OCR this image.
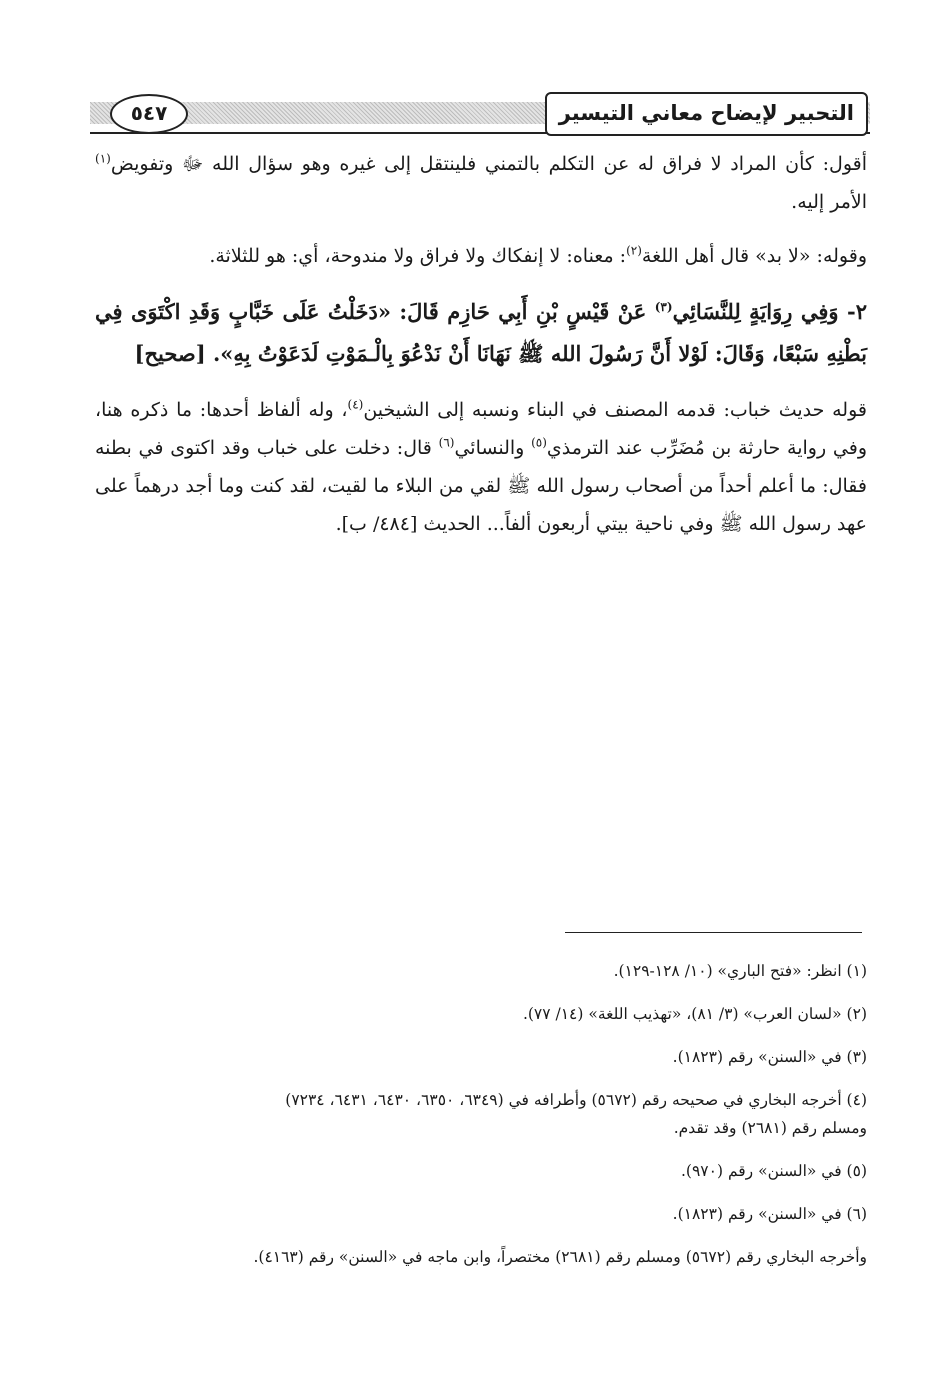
التحبير لإيضاح معاني التيسير
٥٤٧

أقول: كأن المراد لا فراق له عن التكلم بالتمني فلينتقل إلى غيره وهو سؤال الله ﷻ وتفويض$^{(١)}$ الأمر إليه.

وقوله: «لا بد» قال أهل اللغة$^{(٢)}$: معناه: لا إنفكاك ولا فراق ولا مندوحة، أي: هو للثلاثة.

٢- وَفِي رِوَايَةٍ لِلنَّسَائِي$^{(٣)}$ عَنْ قَيْسٍ بْنِ أَبِي حَازِم قَالَ: «دَخَلْتُ عَلَى خَبَّابٍ وَقَدِ اكْتَوَى فِي بَطْنِهِ سَبْعًا، وَقَالَ: لَوْلا أَنَّ رَسُولَ الله ﷺ نَهَانَا أَنْ نَدْعُوَ بِالْـمَوْتِ لَدَعَوْتُ بِهِ». [صحيح]

قوله حديث خباب: قدمه المصنف في البناء ونسبه إلى الشيخين$^{(٤)}$، وله ألفاظ أحدها: ما ذكره هنا، وفي رواية حارثة بن مُضَرِّب عند الترمذي$^{(٥)}$ والنسائي$^{(٦)}$ قال: دخلت على خباب وقد اكتوى في بطنه فقال: ما أعلم أحداً من أصحاب رسول الله ﷺ لقي من البلاء ما لقيت، لقد كنت وما أجد درهماً على عهد رسول الله ﷺ وفي ناحية بيتي أربعون ألفاً... الحديث [٤٨٤/ ب].

(١) انظر: «فتح الباري» (١٠/ ١٢٨-١٢٩).

(٢) «لسان العرب» (٣/ ٨١)، «تهذيب اللغة» (١٤/ ٧٧).

(٣) في «السنن» رقم (١٨٢٣).

(٤) أخرجه البخاري في صحيحه رقم (٥٦٧٢) وأطرافه في (٦٣٤٩، ٦٣٥٠، ٦٤٣٠، ٦٤٣١، ٧٢٣٤)

ومسلم رقم (٢٦٨١) وقد تقدم.

(٥) في «السنن» رقم (٩٧٠).

(٦) في «السنن» رقم (١٨٢٣).

وأخرجه البخاري رقم (٥٦٧٢) ومسلم رقم (٢٦٨١) مختصراً، وابن ماجه في «السنن» رقم (٤١٦٣).
